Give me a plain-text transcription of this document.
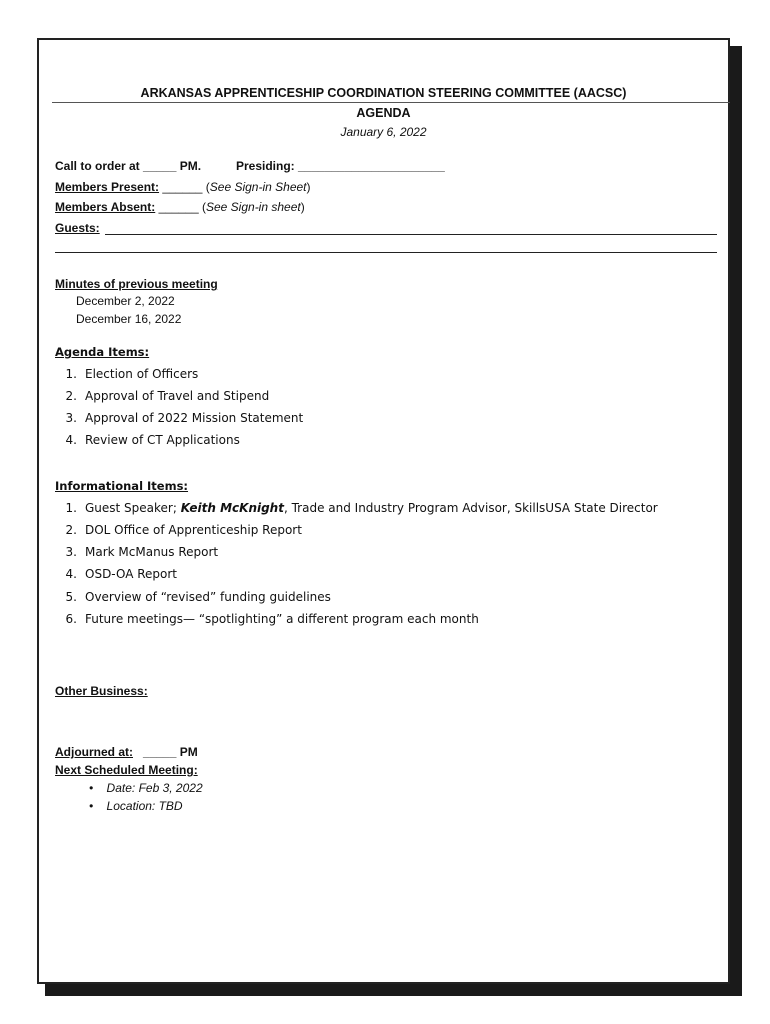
ARKANSAS APPRENTICESHIP COORDINATION STEERING COMMITTEE (AACSC)
AGENDA
January 6, 2022
Call to order at _____ PM.	Presiding: ______________________
Members Present: ______ (See Sign-in Sheet)
Members Absent: ______ (See Sign-in sheet)
Guests:
Minutes of previous meeting
December 2, 2022
December 16, 2022
Agenda Items:
1. Election of Officers
2. Approval of Travel and Stipend
3. Approval of 2022 Mission Statement
4. Review of CT Applications
Informational Items:
1. Guest Speaker; Keith McKnight, Trade and Industry Program Advisor, SkillsUSA State Director
2. DOL Office of Apprenticeship Report
3. Mark McManus Report
4. OSD-OA Report
5. Overview of “revised” funding guidelines
6. Future meetings— “spotlighting” a different program each month
Other Business:
Adjourned at: _____ PM
Next Scheduled Meeting:
• Date: Feb 3, 2022
• Location: TBD
